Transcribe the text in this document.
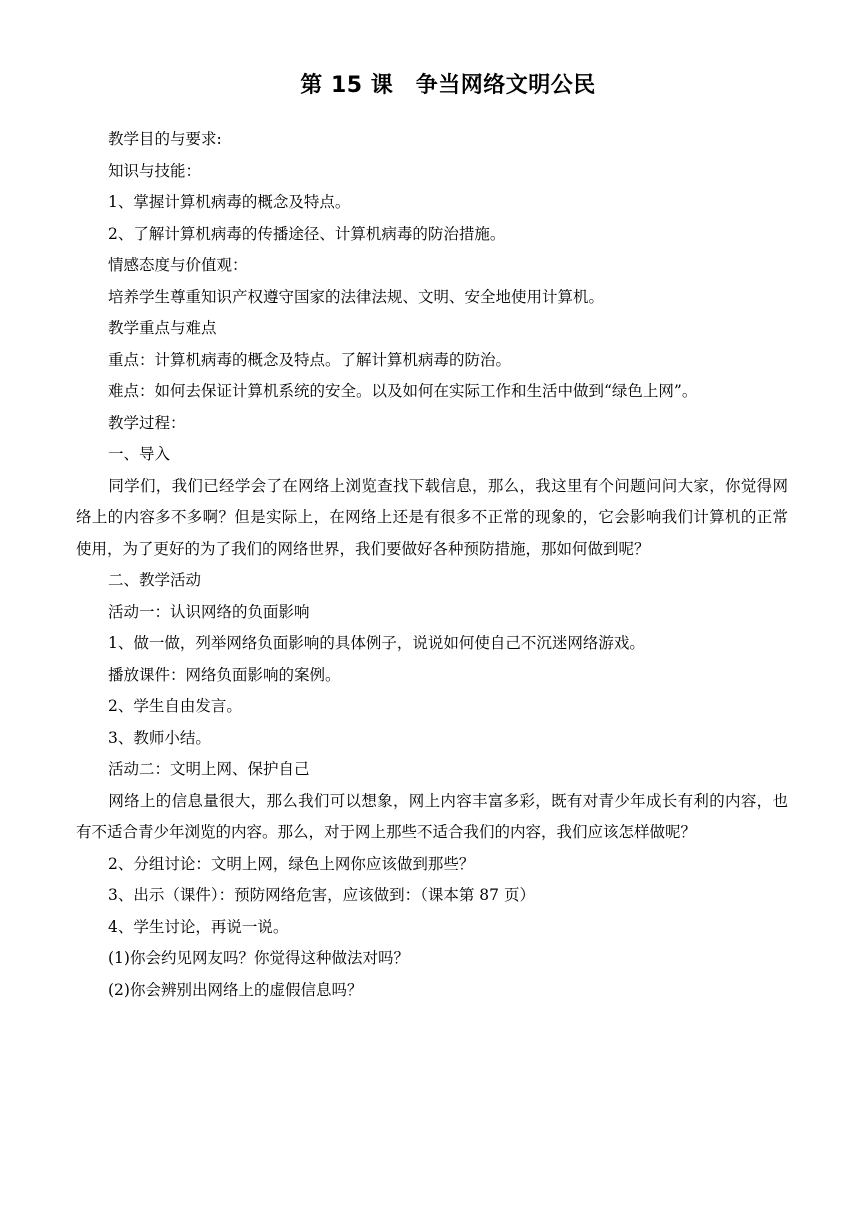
第 15 课　争当网络文明公民

教学目的与要求:

知识与技能：

1、掌握计算机病毒的概念及特点。

2、了解计算机病毒的传播途径、计算机病毒的防治措施。

情感态度与价值观：

培养学生尊重知识产权遵守国家的法律法规、文明、安全地使用计算机。

教学重点与难点

重点：计算机病毒的概念及特点。了解计算机病毒的防治。

难点：如何去保证计算机系统的安全。以及如何在实际工作和生活中做到“绿色上网”。

教学过程：

一、导入

同学们，我们已经学会了在网络上浏览查找下载信息，那么，我这里有个问题问问大家，你觉得网络上的内容多不多啊？但是实际上，在网络上还是有很多不正常的现象的，它会影响我们计算机的正常使用，为了更好的为了我们的网络世界，我们要做好各种预防措施，那如何做到呢？

二、教学活动

活动一：认识网络的负面影响

1、做一做，列举网络负面影响的具体例子，说说如何使自己不沉迷网络游戏。

播放课件：网络负面影响的案例。

2、学生自由发言。

3、教师小结。

活动二：文明上网、保护自己

网络上的信息量很大，那么我们可以想象，网上内容丰富多彩，既有对青少年成长有利的内容，也有不适合青少年浏览的内容。那么，对于网上那些不适合我们的内容，我们应该怎样做呢？

2、分组讨论：文明上网，绿色上网你应该做到那些？

3、出示（课件）：预防网络危害，应该做到：（课本第 87 页）

4、学生讨论，再说一说。

(1)你会约见网友吗？你觉得这种做法对吗？

(2)你会辨别出网络上的虚假信息吗？
